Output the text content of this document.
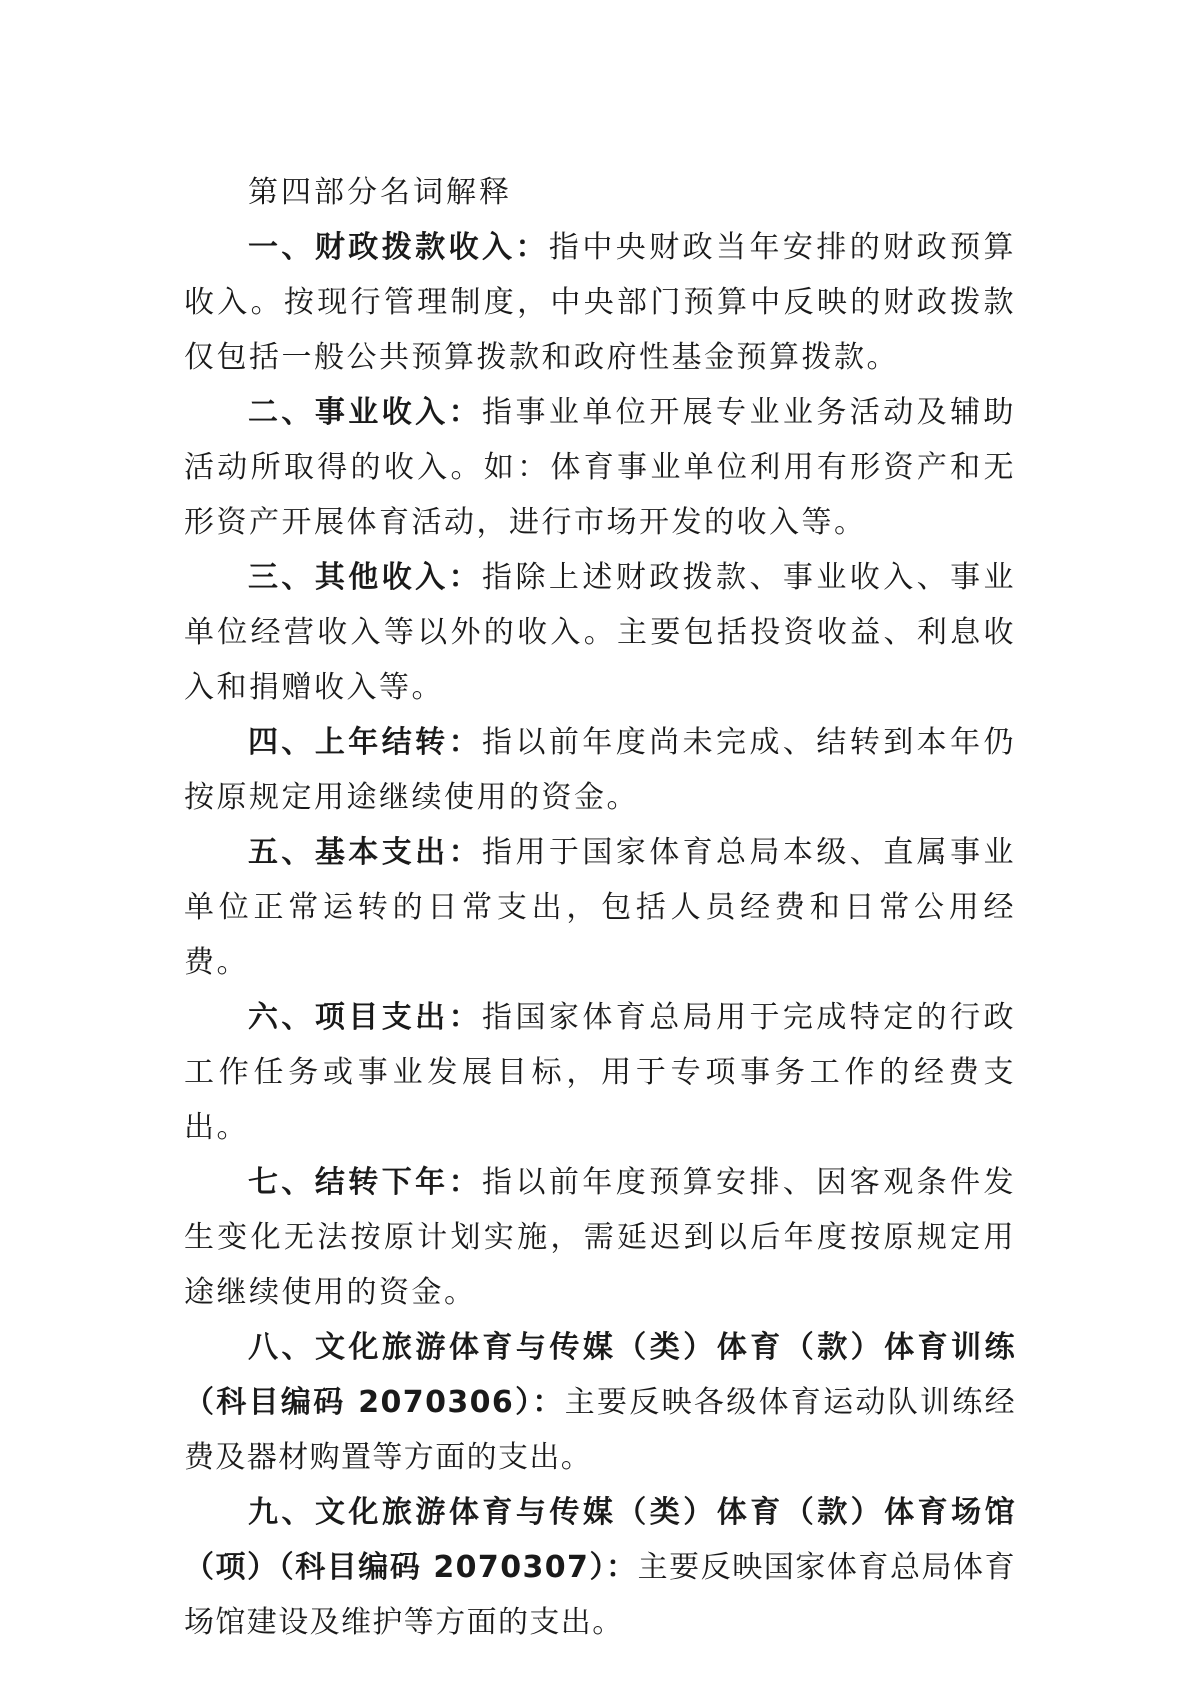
第四部分名词解释

一、财政拨款收入：指中央财政当年安排的财政预算收入。按现行管理制度，中央部门预算中反映的财政拨款仅包括一般公共预算拨款和政府性基金预算拨款。

二、事业收入：指事业单位开展专业业务活动及辅助活动所取得的收入。如：体育事业单位利用有形资产和无形资产开展体育活动，进行市场开发的收入等。

三、其他收入：指除上述财政拨款、事业收入、事业单位经营收入等以外的收入。主要包括投资收益、利息收入和捐赠收入等。

四、上年结转：指以前年度尚未完成、结转到本年仍按原规定用途继续使用的资金。

五、基本支出：指用于国家体育总局本级、直属事业单位正常运转的日常支出，包括人员经费和日常公用经费。

六、项目支出：指国家体育总局用于完成特定的行政工作任务或事业发展目标，用于专项事务工作的经费支出。

七、结转下年：指以前年度预算安排、因客观条件发生变化无法按原计划实施，需延迟到以后年度按原规定用途继续使用的资金。

八、文化旅游体育与传媒（类）体育（款）体育训练（科目编码 2070306）：主要反映各级体育运动队训练经费及器材购置等方面的支出。

九、文化旅游体育与传媒（类）体育（款）体育场馆（项）（科目编码 2070307）：主要反映国家体育总局体育场馆建设及维护等方面的支出。
